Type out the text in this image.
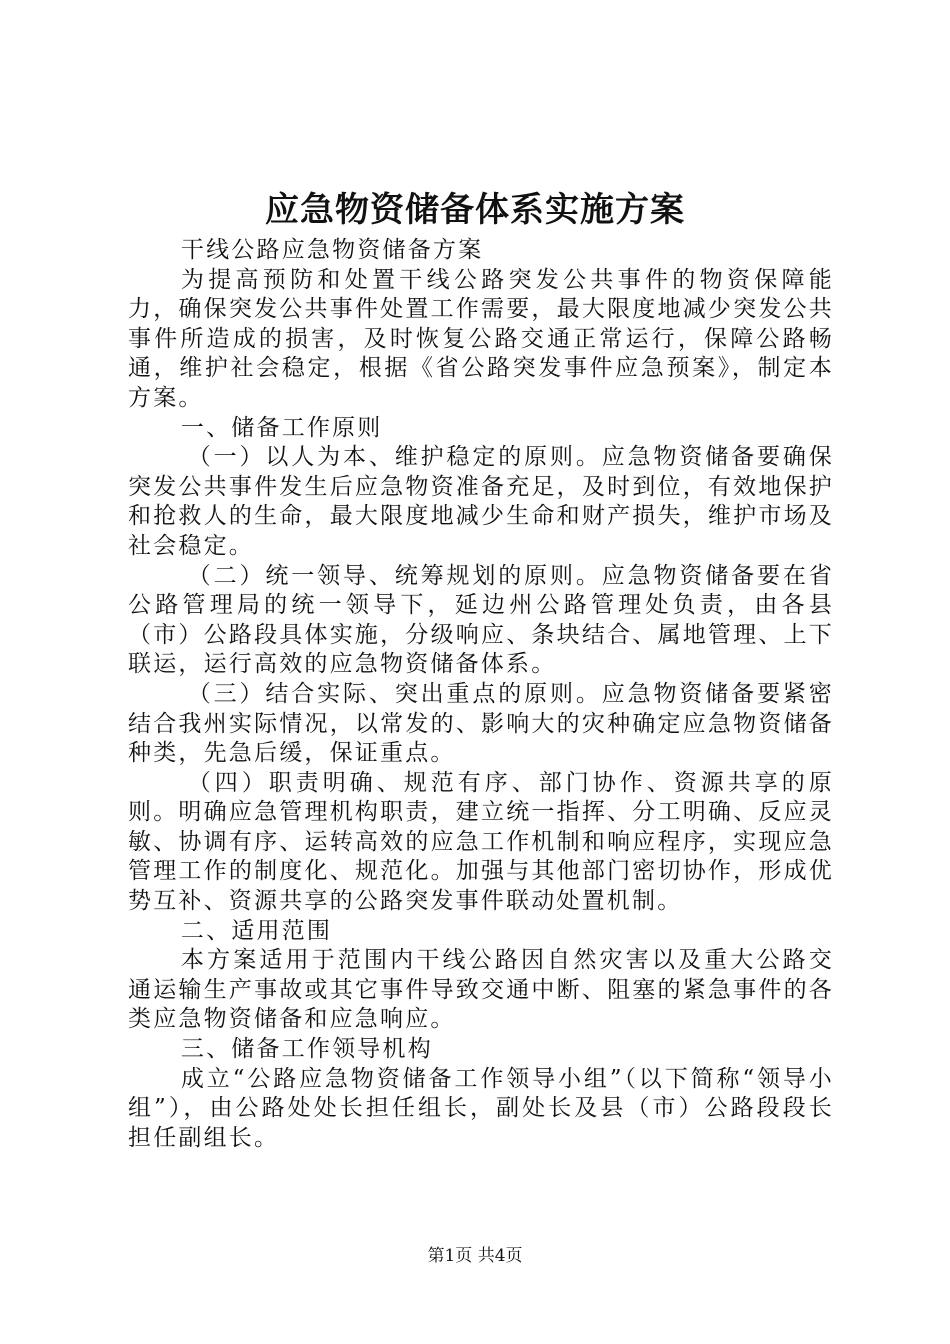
应急物资储备体系实施方案

干线公路应急物资储备方案

为提高预防和处置干线公路突发公共事件的物资保障能力，确保突发公共事件处置工作需要，最大限度地减少突发公共事件所造成的损害，及时恢复公路交通正常运行，保障公路畅通，维护社会稳定，根据《省公路突发事件应急预案》，制定本方案。

一、储备工作原则

（一）以人为本、维护稳定的原则。应急物资储备要确保突发公共事件发生后应急物资准备充足，及时到位，有效地保护和抢救人的生命，最大限度地减少生命和财产损失，维护市场及社会稳定。

（二）统一领导、统筹规划的原则。应急物资储备要在省公路管理局的统一领导下，延边州公路管理处负责，由各县（市）公路段具体实施，分级响应、条块结合、属地管理、上下联运，运行高效的应急物资储备体系。

（三）结合实际、突出重点的原则。应急物资储备要紧密结合我州实际情况，以常发的、影响大的灾种确定应急物资储备种类，先急后缓，保证重点。

（四）职责明确、规范有序、部门协作、资源共享的原则。明确应急管理机构职责，建立统一指挥、分工明确、反应灵敏、协调有序、运转高效的应急工作机制和响应程序，实现应急管理工作的制度化、规范化。加强与其他部门密切协作，形成优势互补、资源共享的公路突发事件联动处置机制。

二、适用范围

本方案适用于范围内干线公路因自然灾害以及重大公路交通运输生产事故或其它事件导致交通中断、阻塞的紧急事件的各类应急物资储备和应急响应。

三、储备工作领导机构

成立“公路应急物资储备工作领导小组”（以下简称“领导小组”），由公路处处长担任组长，副处长及县（市）公路段段长担任副组长。

第1页 共4页
